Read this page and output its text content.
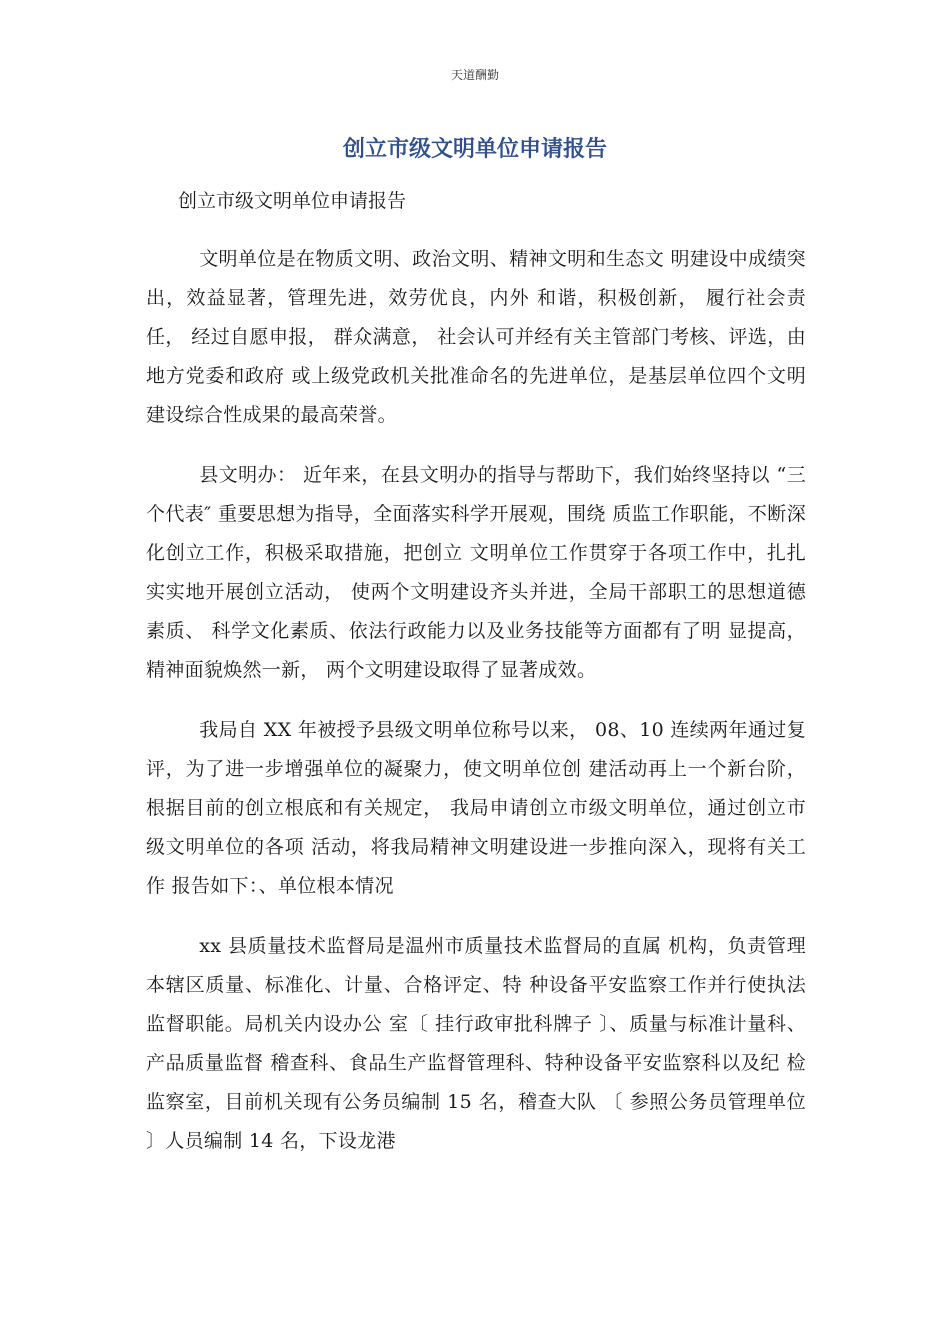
天道酬勤
创立市级文明单位申请报告
创立市级文明单位申请报告

文明单位是在物质文明、政治文明、精神文明和生态文 明建设中成绩突出，效益显著，管理先进，效劳优良，内外 和谐，积极创新， 履行社会责任， 经过自愿申报， 群众满意， 社会认可并经有关主管部门考核、评选，由地方党委和政府 或上级党政机关批准命名的先进单位，是基层单位四个文明 建设综合性成果的最高荣誉。

县文明办： 近年来，在县文明办的指导与帮助下，我们始终坚持以 “三个代表″ 重要思想为指导，全面落实科学开展观，围绕 质监工作职能，不断深化创立工作，积极采取措施，把创立 文明单位工作贯穿于各项工作中，扎扎实实地开展创立活动， 使两个文明建设齐头并进，全局干部职工的思想道德素质、 科学文化素质、依法行政能力以及业务技能等方面都有了明 显提高， 精神面貌焕然一新， 两个文明建设取得了显著成效。

我局自 XX 年被授予县级文明单位称号以来， 08、10 连续两年通过复评，为了进一步增强单位的凝聚力，使文明单位创 建活动再上一个新台阶，根据目前的创立根底和有关规定， 我局申请创立市级文明单位，通过创立市级文明单位的各项 活动，将我局精神文明建设进一步推向深入，现将有关工作 报告如下：、单位根本情况

xx 县质量技术监督局是温州市质量技术监督局的直属 机构，负责管理本辖区质量、标准化、计量、合格评定、特 种设备平安监察工作并行使执法监督职能。局机关内设办公 室〔 挂行政审批科牌子 〕、质量与标准计量科、产品质量监督 稽查科、食品生产监督管理科、特种设备平安监察科以及纪 检监察室，目前机关现有公务员编制 15 名，稽查大队 〔 参照公务员管理单位 〕人员编制 14 名，下设龙港
